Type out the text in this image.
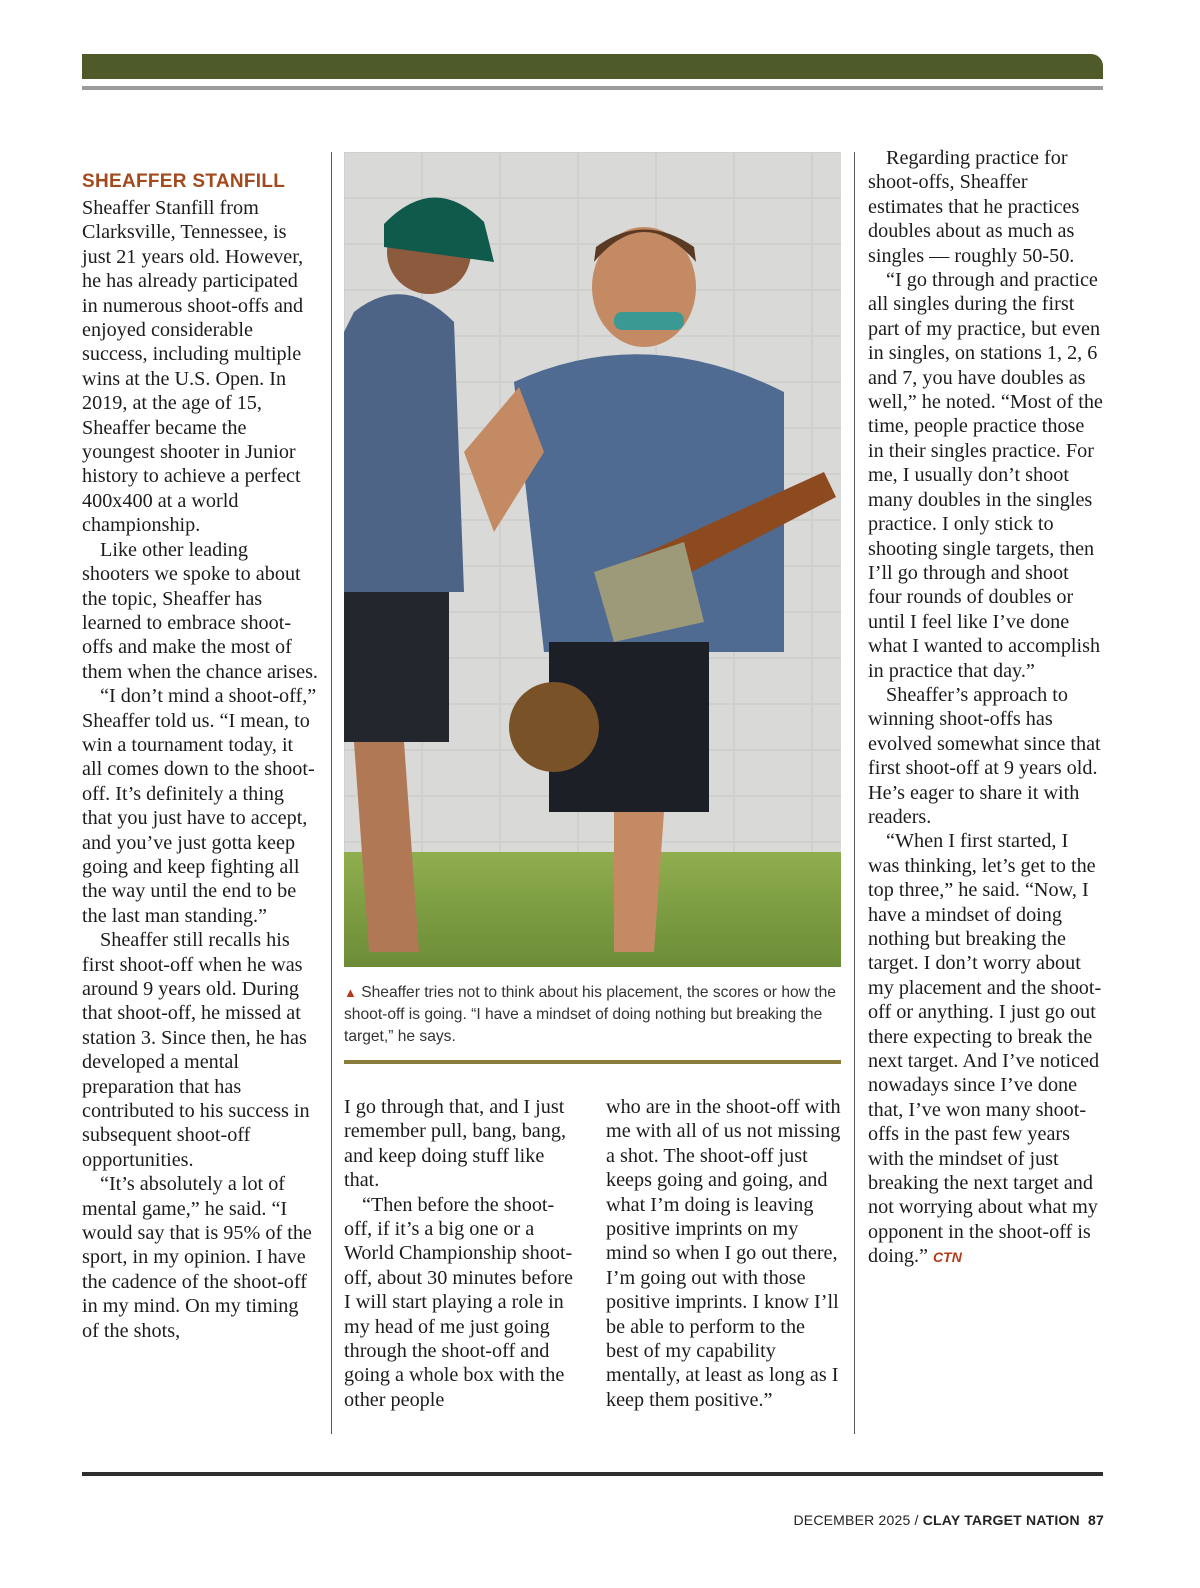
SHEAFFER STANFILL

Sheaffer Stanfill from Clarksville, Tennessee, is just 21 years old. However, he has already participated in numerous shoot-offs and enjoyed considerable success, including multiple wins at the U.S. Open. In 2019, at the age of 15, Sheaffer became the youngest shooter in Junior history to achieve a perfect 400x400 at a world championship.

Like other leading shooters we spoke to about the topic, Sheaffer has learned to embrace shoot-offs and make the most of them when the chance arises.

“I don’t mind a shoot-off,” Sheaffer told us. “I mean, to win a tournament today, it all comes down to the shoot-off. It’s definitely a thing that you just have to accept, and you’ve just gotta keep going and keep fighting all the way until the end to be the last man standing.”

Sheaffer still recalls his first shoot-off when he was around 9 years old. During that shoot-off, he missed at station 3. Since then, he has developed a mental preparation that has contributed to his success in subsequent shoot-off opportunities.

“It’s absolutely a lot of mental game,” he said. “I would say that is 95% of the sport, in my opinion. I have the cadence of the shoot-off in my mind. On my timing of the shots,

▲ Sheaffer tries not to think about his placement, the scores or how the shoot-off is going. “I have a mindset of doing nothing but breaking the target,” he says.

I go through that, and I just remember pull, bang, bang, and keep doing stuff like that.

“Then before the shoot-off, if it’s a big one or a World Championship shoot-off, about 30 minutes before I will start playing a role in my head of me just going through the shoot-off and going a whole box with the other people

who are in the shoot-off with me with all of us not missing a shot. The shoot-off just keeps going and going, and what I’m doing is leaving positive imprints on my mind so when I go out there, I’m going out with those positive imprints. I know I’ll be able to perform to the best of my capability mentally, at least as long as I keep them positive.”

Regarding practice for shoot-offs, Sheaffer estimates that he practices doubles about as much as singles — roughly 50-50.

“I go through and practice all singles during the first part of my practice, but even in singles, on stations 1, 2, 6 and 7, you have doubles as well,” he noted. “Most of the time, people practice those in their singles practice. For me, I usually don’t shoot many doubles in the singles practice. I only stick to shooting single targets, then I’ll go through and shoot four rounds of doubles or until I feel like I’ve done what I wanted to accomplish in practice that day.”

Sheaffer’s approach to winning shoot-offs has evolved somewhat since that first shoot-off at 9 years old. He’s eager to share it with readers.

“When I first started, I was thinking, let’s get to the top three,” he said. “Now, I have a mindset of doing nothing but breaking the target. I don’t worry about my placement and the shoot-off or anything. I just go out there expecting to break the next target. And I’ve noticed nowadays since I’ve done that, I’ve won many shoot-offs in the past few years with the mindset of just breaking the next target and not worrying about what my opponent in the shoot-off is doing.” CTN

DECEMBER 2025 / CLAY TARGET NATION 87
